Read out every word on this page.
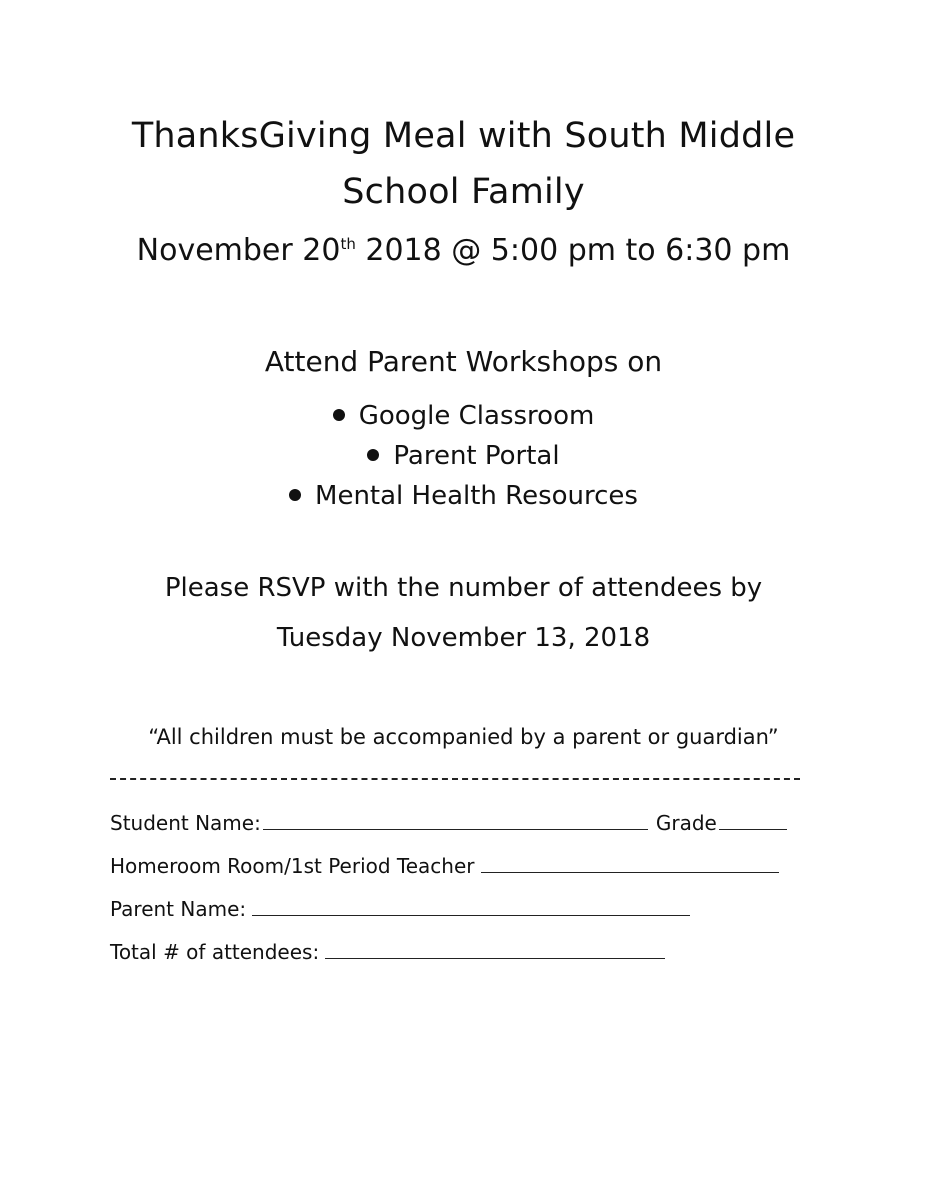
ThanksGiving Meal with South Middle
School Family
November 20th 2018 @ 5:00 pm to 6:30 pm
Attend Parent Workshops on
Google Classroom
Parent Portal
Mental Health Resources
Please RSVP with the number of attendees by
Tuesday November 13, 2018
“All children must be accompanied by a parent or guardian”
Student Name:	Grade
Homeroom Room/1st Period Teacher
Parent Name:
Total # of attendees:
